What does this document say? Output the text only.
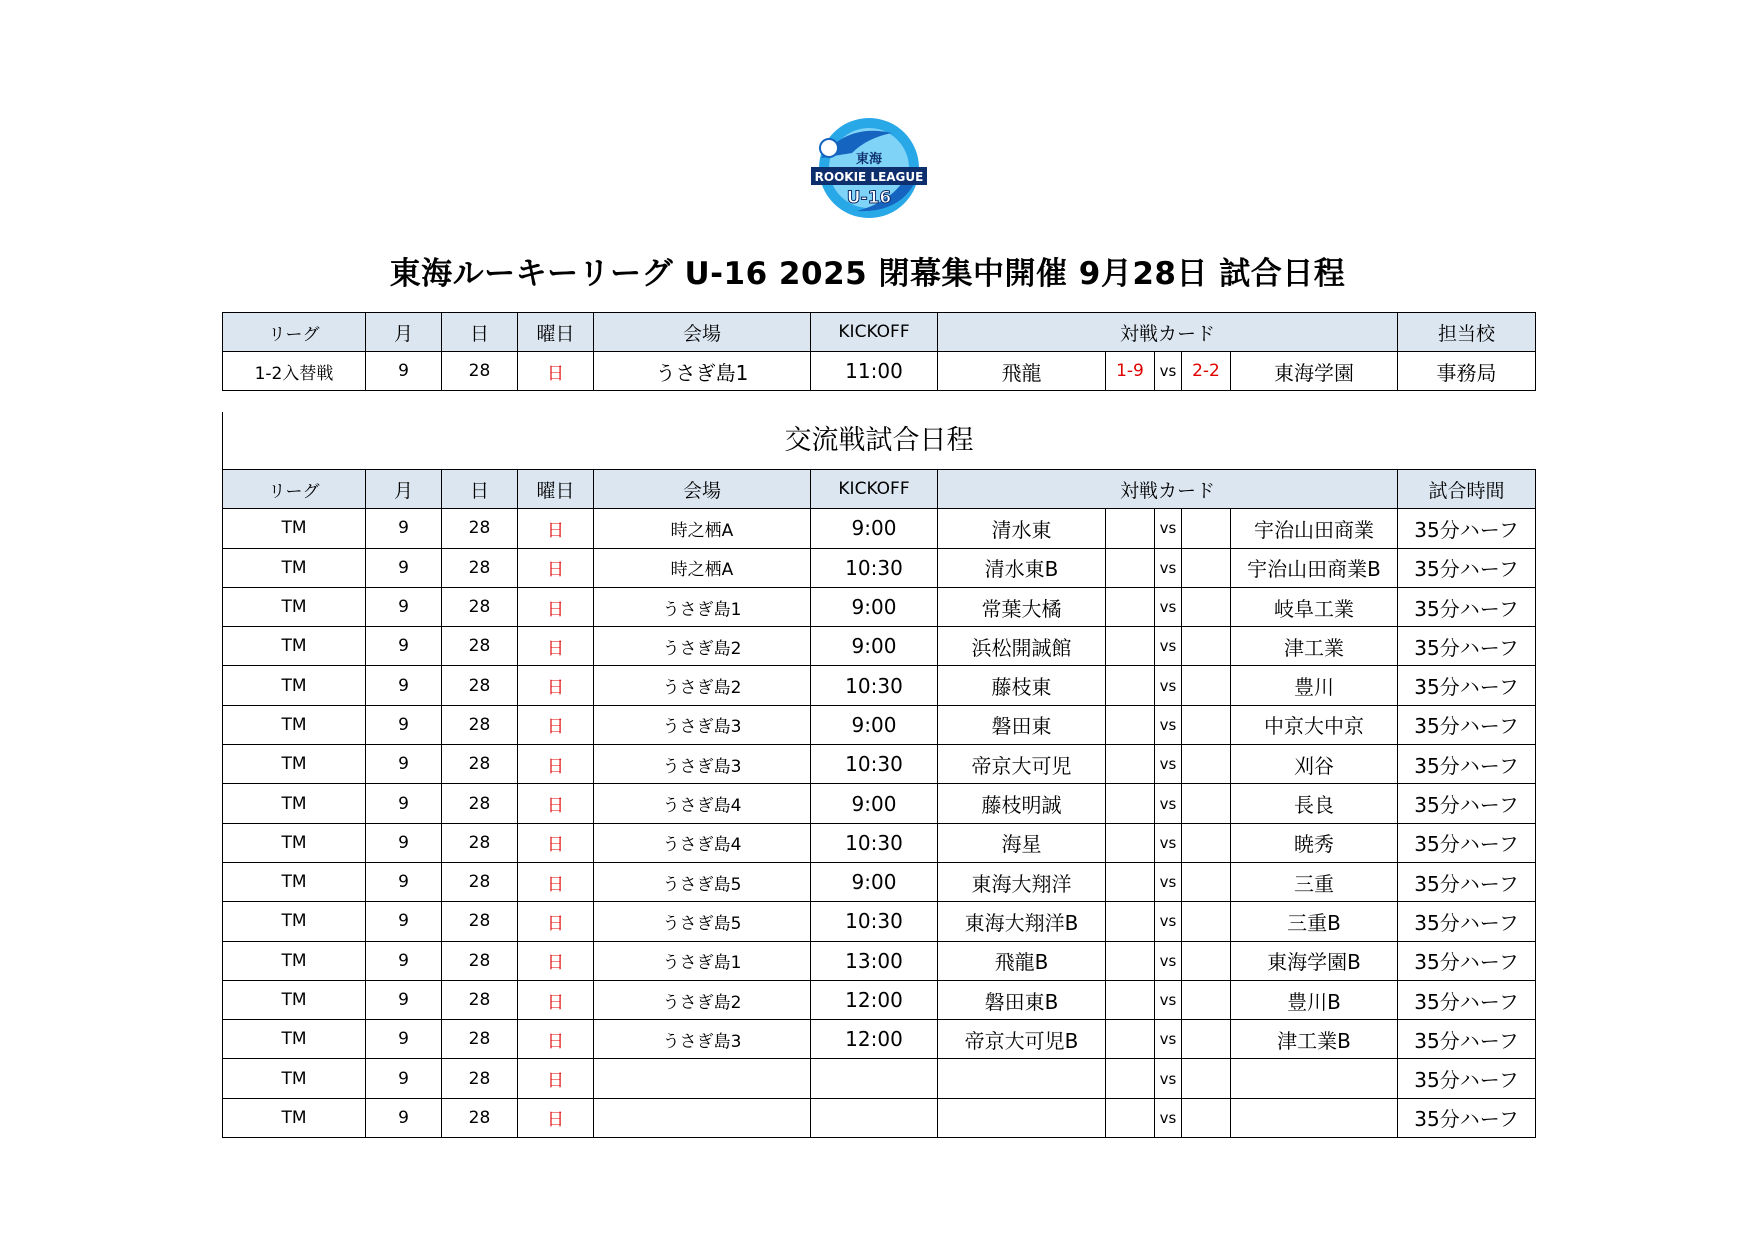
東海
ROOKIE LEAGUE
U-16
東海ルーキーリーグ U-16 2025 閉幕集中開催 9月28日 試合日程
リーグ	月	日	曜日	会場	KICKOFF	対戦カード					担当校
1-2入替戦	9	28	日	うさぎ島1	11:00	飛龍	1-9	vs	2-2	東海学園	事務局
交流戦試合日程
リーグ	月	日	曜日	会場	KICKOFF	対戦カード					試合時間
TM	9	28	日	時之栖A	9:00	清水東		vs		宇治山田商業	35分ハーフ
TM	9	28	日	時之栖A	10:30	清水東B		vs		宇治山田商業B	35分ハーフ
TM	9	28	日	うさぎ島1	9:00	常葉大橘		vs		岐阜工業	35分ハーフ
TM	9	28	日	うさぎ島2	9:00	浜松開誠館		vs		津工業	35分ハーフ
TM	9	28	日	うさぎ島2	10:30	藤枝東		vs		豊川	35分ハーフ
TM	9	28	日	うさぎ島3	9:00	磐田東		vs		中京大中京	35分ハーフ
TM	9	28	日	うさぎ島3	10:30	帝京大可児		vs		刈谷	35分ハーフ
TM	9	28	日	うさぎ島4	9:00	藤枝明誠		vs		長良	35分ハーフ
TM	9	28	日	うさぎ島4	10:30	海星		vs		暁秀	35分ハーフ
TM	9	28	日	うさぎ島5	9:00	東海大翔洋		vs		三重	35分ハーフ
TM	9	28	日	うさぎ島5	10:30	東海大翔洋B		vs		三重B	35分ハーフ
TM	9	28	日	うさぎ島1	13:00	飛龍B		vs		東海学園B	35分ハーフ
TM	9	28	日	うさぎ島2	12:00	磐田東B		vs		豊川B	35分ハーフ
TM	9	28	日	うさぎ島3	12:00	帝京大可児B		vs		津工業B	35分ハーフ
TM	9	28	日					vs			35分ハーフ
TM	9	28	日					vs			35分ハーフ
